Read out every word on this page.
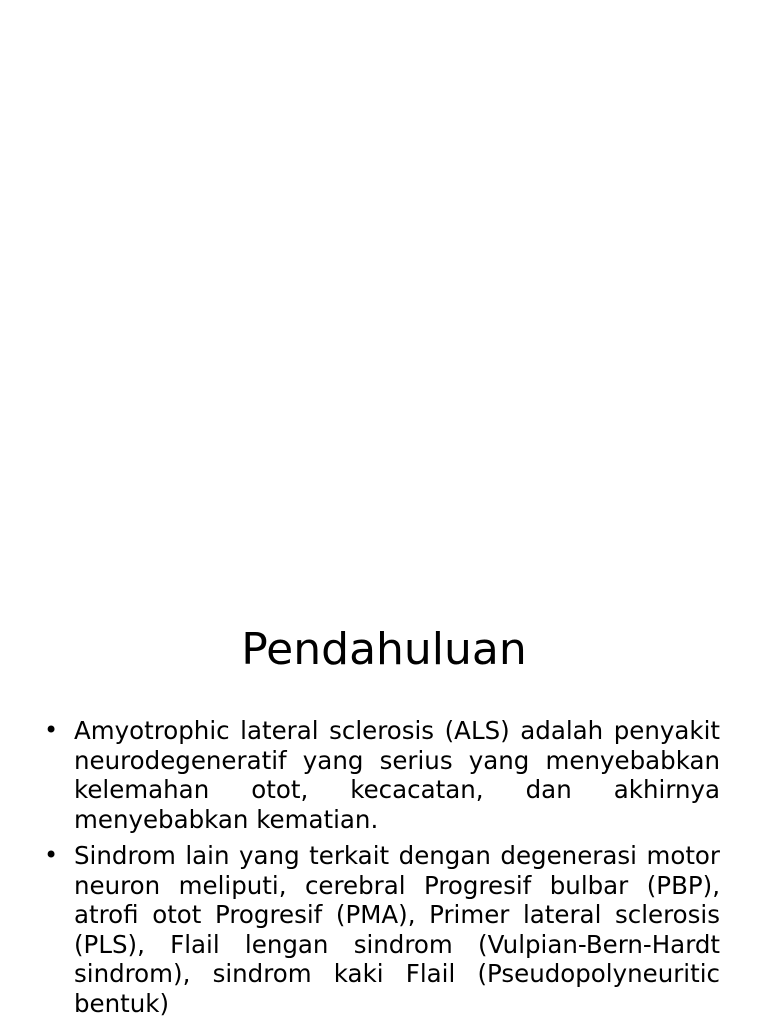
Pendahuluan
• Amyotrophic lateral sclerosis (ALS) adalah penyakit neurodegeneratif yang serius yang menyebabkan kelemahan otot, kecacatan, dan akhirnya menyebabkan kematian.
• Sindrom lain yang terkait dengan degenerasi motor neuron meliputi, cerebral Progresif bulbar (PBP), atrofi otot Progresif (PMA), Primer lateral sclerosis (PLS), Flail lengan sindrom (Vulpian-Bern-Hardt sindrom), sindrom kaki Flail (Pseudopolyneuritic bentuk)
